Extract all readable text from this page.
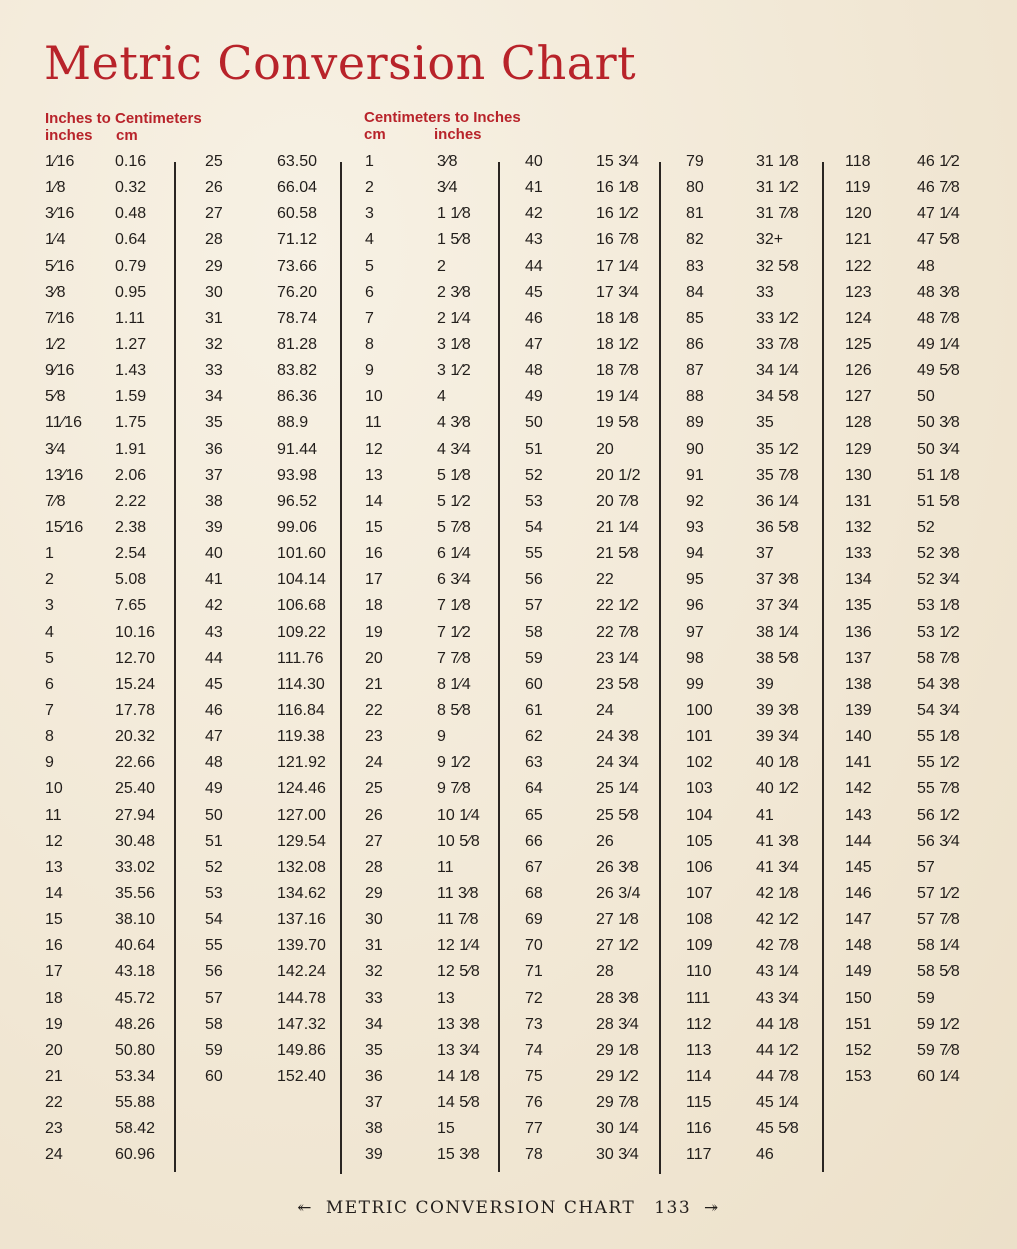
Metric Conversion Chart
Inches to Centimeters
inches cm
Centimeters to Inches
cm	inches
1⁄16	0.16
1⁄8	0.32
3⁄16	0.48
1⁄4	0.64
5⁄16	0.79
3⁄8	0.95
7⁄16	1.11
1⁄2	1.27
9⁄16	1.43
5⁄8	1.59
11⁄16 1.75
3⁄4	1.91
13⁄16 2.06
7⁄8	2.22
15⁄16 2.38
1	2.54
2	5.08
3	7.65
4	10.16
5	12.70
6	15.24
7	17.78
8	20.32
9	22.66
10	25.40
11	27.94
12	30.48
13	33.02
14	35.56
15	38.10
16	40.64
17	43.18
18	45.72
19	48.26
20	50.80
21	53.34
22	55.88
23	58.42
24	60.96
25	63.50
26	66.04
27	60.58
28	71.12
29	73.66
30	76.20
31	78.74
32	81.28
33	83.82
34	86.36
35	88.9
36	91.44
37	93.98
38	96.52
39	99.06
40	101.60
41	104.14
42	106.68
43	109.22
44	111.76
45	114.30
46	116.84
47	119.38
48	121.92
49	124.46
50	127.00
51	129.54
52	132.08
53	134.62
54	137.16
55	139.70
56	142.24
57	144.78
58	147.32
59	149.86
60	152.40
1	3⁄8
2	3⁄4
3	1 1⁄8
4	1 5⁄8
5	2
6	2 3⁄8
7	2 1⁄4
8	3 1⁄8
9	3 1⁄2
10	4
11	4 3⁄8
12	4 3⁄4
13	5 1⁄8
14	5 1⁄2
15	5 7⁄8
16	6 1⁄4
17	6 3⁄4
18	7 1⁄8
19	7 1⁄2
20	7 7⁄8
21	8 1⁄4
22	8 5⁄8
23	9
24	9 1⁄2
25	9 7⁄8
26	10 1⁄4
27	10 5⁄8
28	11
29	11 3⁄8
30	11 7⁄8
31	12 1⁄4
32	12 5⁄8
33	13
34	13 3⁄8
35	13 3⁄4
36	14 1⁄8
37	14 5⁄8
38	15
39	15 3⁄8
40	15 3⁄4
41	16 1⁄8
42	16 1⁄2
43	16 7⁄8
44	17 1⁄4
45	17 3⁄4
46	18 1⁄8
47	18 1⁄2
48	18 7⁄8
49	19 1⁄4
50	19 5⁄8
51	20
52	20 1/2
53	20 7⁄8
54	21 1⁄4
55	21 5⁄8
56	22
57	22 1⁄2
58	22 7⁄8
59	23 1⁄4
60	23 5⁄8
61	24
62	24 3⁄8
63	24 3⁄4
64	25 1⁄4
65	25 5⁄8
66	26
67	26 3⁄8
68	26 3/4
69	27 1⁄8
70	27 1⁄2
71	28
72	28 3⁄8
73	28 3⁄4
74	29 1⁄8
75	29 1⁄2
76	29 7⁄8
77	30 1⁄4
78	30 3⁄4
79	31 1⁄8
80	31 1⁄2
81	31 7⁄8
82	32+
83	32 5⁄8
84	33
85	33 1⁄2
86	33 7⁄8
87	34 1⁄4
88	34 5⁄8
89	35
90	35 1⁄2
91	35 7⁄8
92	36 1⁄4
93	36 5⁄8
94	37
95	37 3⁄8
96	37 3⁄4
97	38 1⁄4
98	38 5⁄8
99	39
100	39 3⁄8
101	39 3⁄4
102	40 1⁄8
103	40 1⁄2
104	41
105	41 3⁄8
106	41 3⁄4
107	42 1⁄8
108	42 1⁄2
109	42 7⁄8
110	43 1⁄4
111	43 3⁄4
112	44 1⁄8
113	44 1⁄2
114	44 7⁄8
115	45 1⁄4
116	45 5⁄8
117	46
118	46 1⁄2
119	46 7⁄8
120	47 1⁄4
121	47 5⁄8
122	48
123	48 3⁄8
124	48 7⁄8
125	49 1⁄4
126	49 5⁄8
127	50
128	50 3⁄8
129	50 3⁄4
130	51 1⁄8
131	51 5⁄8
132	52
133	52 3⁄8
134	52 3⁄4
135	53 1⁄8
136	53 1⁄2
137	58 7⁄8
138	54 3⁄8
139	54 3⁄4
140	55 1⁄8
141	55 1⁄2
142	55 7⁄8
143	56 1⁄2
144	56 3⁄4
145	57
146	57 1⁄2
147	57 7⁄8
148	58 1⁄4
149	58 5⁄8
150	59
151	59 1⁄2
152	59 7⁄8
153	60 1⁄4
↞ METRIC CONVERSION CHART 133 ↠
